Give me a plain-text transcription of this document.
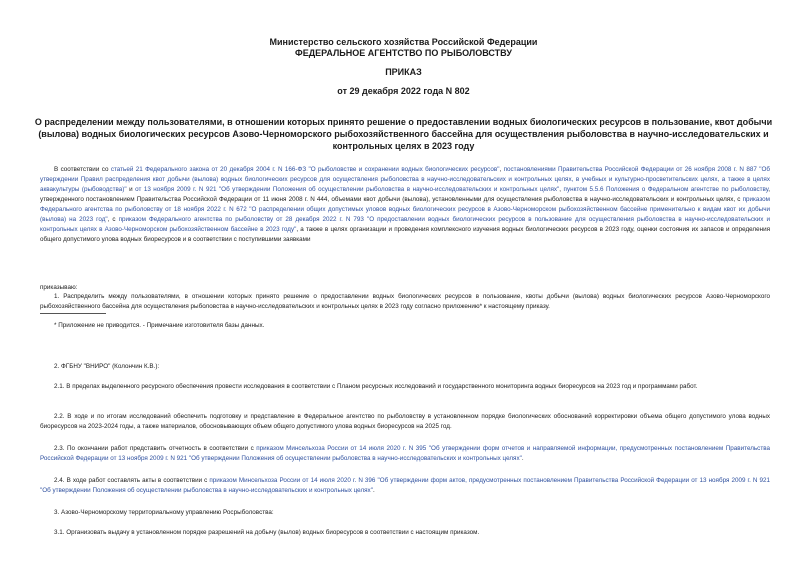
Министерство сельского хозяйства Российской Федерации
ФЕДЕРАЛЬНОЕ АГЕНТСТВО ПО РЫБОЛОВСТВУ
ПРИКАЗ
от 29 декабря 2022 года N 802
О распределении между пользователями, в отношении которых принято решение о предоставлении водных биологических ресурсов в пользование, квот добычи (вылова) водных биологических ресурсов Азово-Черноморского рыбохозяйственного бассейна для осуществления рыболовства в научно-исследовательских и контрольных целях в 2023 году
В соответствии со статьей 21 Федерального закона от 20 декабря 2004 г. N 166-ФЗ "О рыболовстве и сохранении водных биологических ресурсов", постановлениями Правительства Российской Федерации от 26 ноября 2008 г. N 887 "Об утверждении Правил распределения квот добычи (вылова) водных биологических ресурсов для осуществления рыболовства в научно-исследовательских и контрольных целях, в учебных и культурно-просветительских целях, а также в целях аквакультуры (рыбоводства)" и от 13 ноября 2009 г. N 921 "Об утверждении Положения об осуществлении рыболовства в научно-исследовательских и контрольных целях", пунктом 5.5.6 Положения о Федеральном агентстве по рыболовству, утвержденного постановлением Правительства Российской Федерации от 11 июня 2008 г. N 444, объемами квот добычи (вылова), установленными для осуществления рыболовства в научно-исследовательских и контрольных целях, с приказом Федерального агентства по рыболовству от 18 ноября 2022 г. N 672 "О распределении общих допустимых уловов водных биологических ресурсов в Азово-Черноморском рыбохозяйственном бассейне применительно к видам квот их добычи (вылова) на 2023 год", с приказом Федерального агентства по рыболовству от 28 декабря 2022 г. N 793 "О предоставлении водных биологических ресурсов в пользование для осуществления рыболовства в научно-исследовательских и контрольных целях в Азово-Черноморском рыбохозяйственном бассейне в 2023 году", а также в целях организации и проведения комплексного изучения водных биологических ресурсов в 2023 году, оценки состояния их запасов и определения общего допустимого улова водных биоресурсов и в соответствии с поступившими заявками
приказываю:
1. Распределить между пользователями, в отношении которых принято решение о предоставлении водных биологических ресурсов в пользование, квоты добычи (вылова) водных биологических ресурсов Азово-Черноморского рыбохозяйственного бассейна для осуществления рыболовства в научно-исследовательских и контрольных целях в 2023 году согласно приложению* к настоящему приказу.
* Приложение не приводится. - Примечание изготовителя базы данных.
2. ФГБНУ "ВНИРО" (Колончин К.В.):
2.1. В пределах выделенного ресурсного обеспечения провести исследования в соответствии с Планом ресурсных исследований и государственного мониторинга водных биоресурсов на 2023 год и программами работ.
2.2. В ходе и по итогам исследований обеспечить подготовку и представление в Федеральное агентство по рыболовству в установленном порядке биологических обоснований корректировки объема общего допустимого улова водных биоресурсов на 2023-2024 годы, а также материалов, обосновывающих объем общего допустимого улова водных биоресурсов на 2025 год.
2.3. По окончании работ представить отчетность в соответствии с приказом Минсельхоза России от 14 июля 2020 г. N 395 "Об утверждении форм отчетов и направляемой информации, предусмотренных постановлением Правительства Российской Федерации от 13 ноября 2009 г. N 921 "Об утверждении Положения об осуществлении рыболовства в научно-исследовательских и контрольных целях".
2.4. В ходе работ составлять акты в соответствии с приказом Минсельхоза России от 14 июля 2020 г. N 396 "Об утверждении форм актов, предусмотренных постановлением Правительства Российской Федерации от 13 ноября 2009 г. N 921 "Об утверждении Положения об осуществлении рыболовства в научно-исследовательских и контрольных целях".
3. Азово-Черноморскому территориальному управлению Росрыболовства:
3.1. Организовать выдачу в установленном порядке разрешений на добычу (вылов) водных биоресурсов в соответствии с настоящим приказом.
